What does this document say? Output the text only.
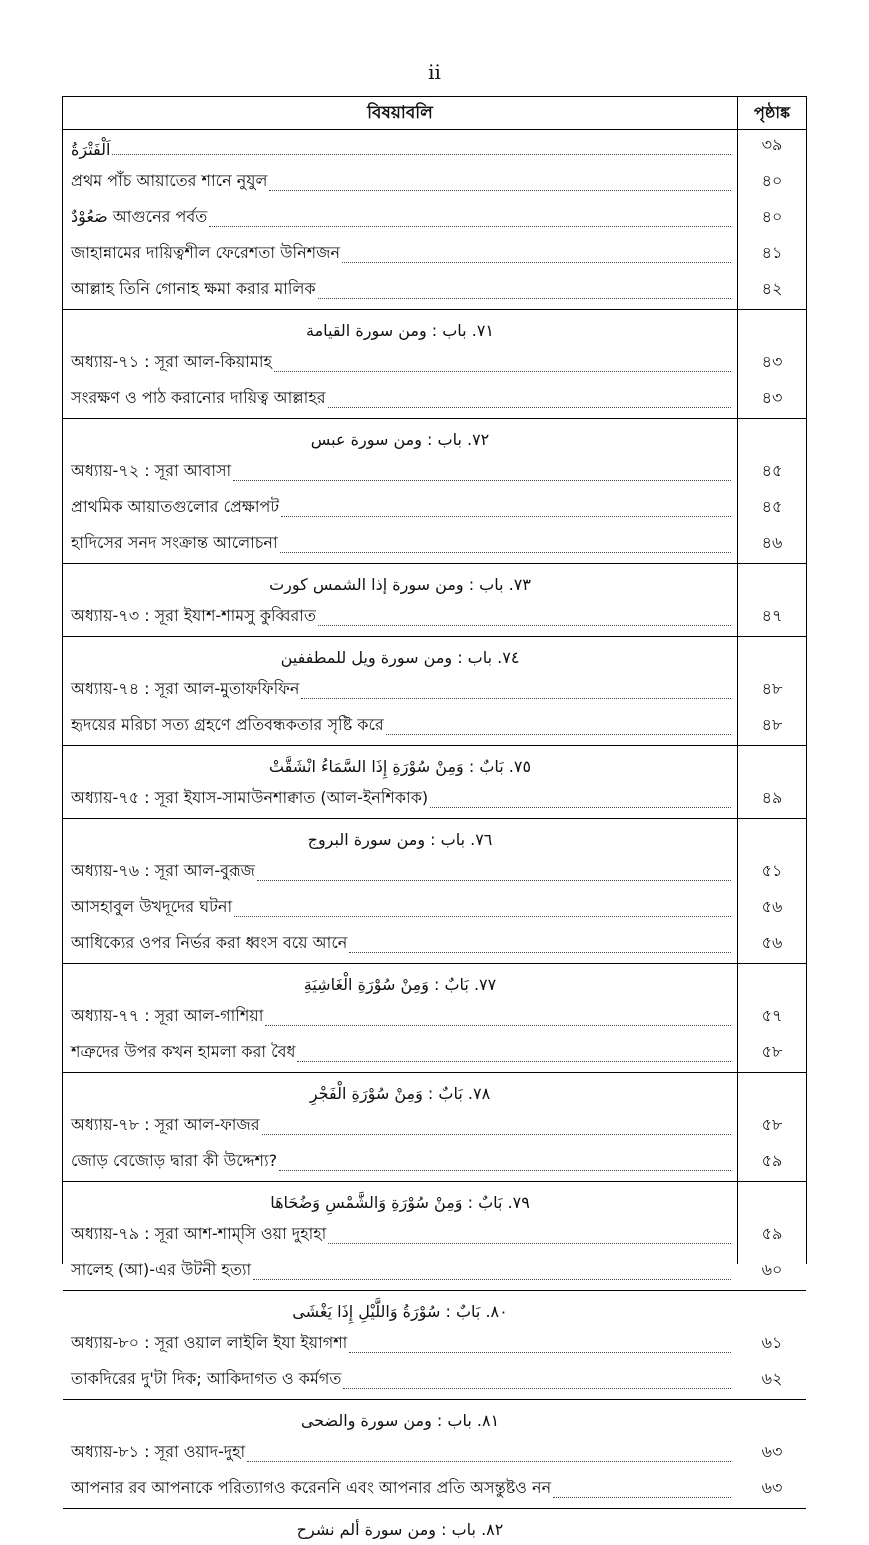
ii
বিষয়াবলি	পৃষ্ঠাঙ্ক
اَلْفَتْرَةُ	৩৯
প্রথম পাঁচ আয়াতের শানে নুযুল	৪০
صَعُوْدٌ আগুনের পর্বত	৪০
জাহান্নামের দায়িত্বশীল ফেরেশতা উনিশজন	৪১
আল্লাহ তিনি গোনাহ ক্ষমা করার মালিক	৪২
٧١. باب : ومن سورة القيامة
অধ্যায়-৭১ : সূরা আল-কিয়ামাহ	৪৩
সংরক্ষণ ও পাঠ করানোর দায়িত্ব আল্লাহর	৪৩
٧٢. باب : ومن سورة عبس
অধ্যায়-৭২ : সূরা আবাসা	৪৫
প্রাথমিক আয়াতগুলোর প্রেক্ষাপট	৪৫
হাদিসের সনদ সংক্রান্ত আলোচনা	৪৬
٧٣. باب : ومن سورة إذا الشمس كورت
অধ্যায়-৭৩ : সূরা ইযাশ-শামসু কুব্বিরাত	৪৭
٧٤. باب : ومن سورة ويل للمطففين
অধ্যায়-৭৪ : সূরা আল-মুতাফফিফিন	৪৮
হৃদয়ের মরিচা সত্য গ্রহণে প্রতিবন্ধকতার সৃষ্টি করে	৪৮
٧٥. بَابٌ : وَمِنْ سُوْرَةِ إِذَا السَّمَاءُ انْشَقَّتْ
অধ্যায়-৭৫ : সূরা ইযাস-সামাউনশাক্বাত (আল-ইনশিকাক)	৪৯
٧٦. باب : ومن سورة البروج
অধ্যায়-৭৬ : সূরা আল-বুরূজ	৫১
আসহাবুল উখদূদের ঘটনা	৫৬
আধিক্যের ওপর নির্ভর করা ধ্বংস বয়ে আনে	৫৬
٧٧. بَابٌ : وَمِنْ سُوْرَةِ الْغَاشِيَةِ
অধ্যায়-৭৭ : সূরা আল-গাশিয়া	৫৭
শত্রুদের উপর কখন হামলা করা বৈধ	৫৮
٧٨. بَابٌ : وَمِنْ سُوْرَةِ الْفَجْرِ
অধ্যায়-৭৮ : সূরা আল-ফাজর	৫৮
জোড় বেজোড় দ্বারা কী উদ্দেশ্য?	৫৯
٧٩. بَابٌ : وَمِنْ سُوْرَةِ وَالشَّمْسِ وَضُحَاهَا
অধ্যায়-৭৯ : সূরা আশ-শাম্‌সি ওয়া দুহাহা	৫৯
সালেহ (আ)-এর উটনী হত্যা	৬০
٨٠. بَابٌ : سُوْرَةُ وَاللَّيْلِ إِذَا يَغْشَى
অধ্যায়-৮০ : সূরা ওয়াল লাইলি ইযা ইয়াগশা	৬১
তাকদিরের দু'টা দিক; আকিদাগত ও কর্মগত	৬২
٨١. باب : ومن سورة والضحى
অধ্যায়-৮১ : সূরা ওয়াদ-দুহা	৬৩
আপনার রব আপনাকে পরিত্যাগও করেননি এবং আপনার প্রতি অসন্তুষ্টও নন	৬৩
٨٢. باب : ومن سورة ألم نشرح
